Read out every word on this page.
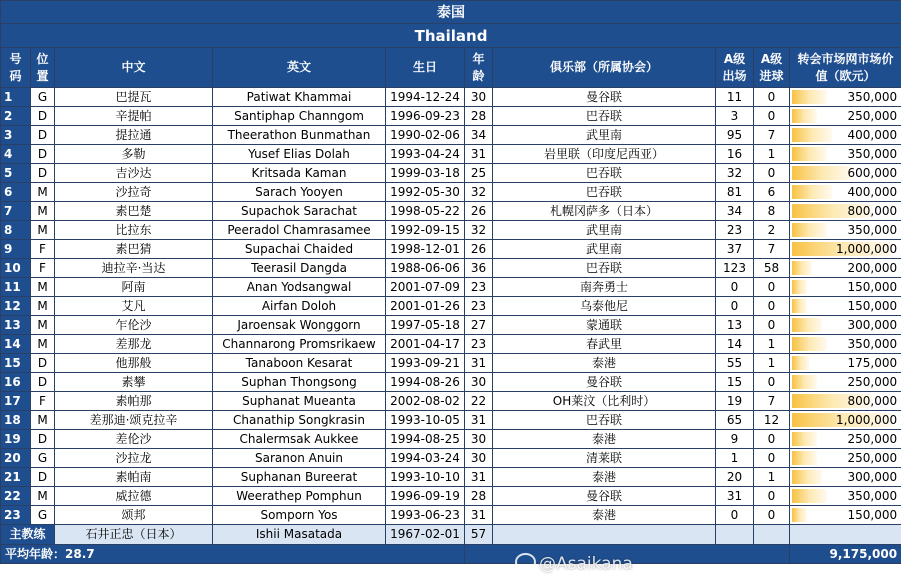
泰国									
Thailand									
号码	位置	中文	英文	生日	年龄	俱乐部（所属协会）	A级出场	A级进球	转会市场网市场价值（欧元）
1	G	巴提瓦	Patiwat Khammai	1994-12-24	30	曼谷联	11	0	350,000
2	D	辛提帕	Santiphap Channgom	1996-09-23	28	巴吞联	3	0	250,000
3	D	提拉通	Theerathon Bunmathan	1990-02-06	34	武里南	95	7	400,000
4	D	多勒	Yusef Elias Dolah	1993-04-24	31	岩里联（印度尼西亚）	16	1	350,000
5	D	吉沙达	Kritsada Kaman	1999-03-18	25	巴吞联	32	0	600,000
6	M	沙拉奇	Sarach Yooyen	1992-05-30	32	巴吞联	81	6	400,000
7	M	素巴楚	Supachok Sarachat	1998-05-22	26	札幌冈萨多（日本）	34	8	800,000
8	M	比拉东	Peeradol Chamrasamee	1992-09-15	32	武里南	23	2	350,000
9	F	素巴猜	Supachai Chaided	1998-12-01	26	武里南	37	7	1,000,000
10	F	迪拉辛·当达	Teerasil Dangda	1988-06-06	36	巴吞联	123	58	200,000
11	M	阿南	Anan Yodsangwal	2001-07-09	23	南奔勇士	0	0	150,000
12	M	艾凡	Airfan Doloh	2001-01-26	23	乌泰他尼	0	0	150,000
13	M	乍伦沙	Jaroensak Wonggorn	1997-05-18	27	蒙通联	13	0	300,000
14	M	差那龙	Channarong Promsrikaew	2001-04-17	23	春武里	14	1	350,000
15	D	他那般	Tanaboon Kesarat	1993-09-21	31	泰港	55	1	175,000
16	D	素攀	Suphan Thongsong	1994-08-26	30	曼谷联	15	0	250,000
17	F	素帕那	Suphanat Mueanta	2002-08-02	22	OH莱汶（比利时）	19	7	800,000
18	M	差那迪·颂克拉辛	Chanathip Songkrasin	1993-10-05	31	巴吞联	65	12	1,000,000
19	D	差伦沙	Chalermsak Aukkee	1994-08-25	30	泰港	9	0	250,000
20	G	沙拉龙	Saranon Anuin	1994-03-24	30	清莱联	1	0	250,000
21	D	素帕南	Suphanan Bureerat	1993-10-10	31	泰港	20	1	300,000
22	M	威拉德	Weerathep Pomphun	1996-09-19	28	曼谷联	31	0	350,000
23	G	颂邦	Somporn Yos	1993-06-23	31	泰港	0	0	150,000
主教练		石井正忠（日本）	Ishii Masatada	1967-02-01	57				
平均年龄：28.7									9,175,000
@Asaikana
